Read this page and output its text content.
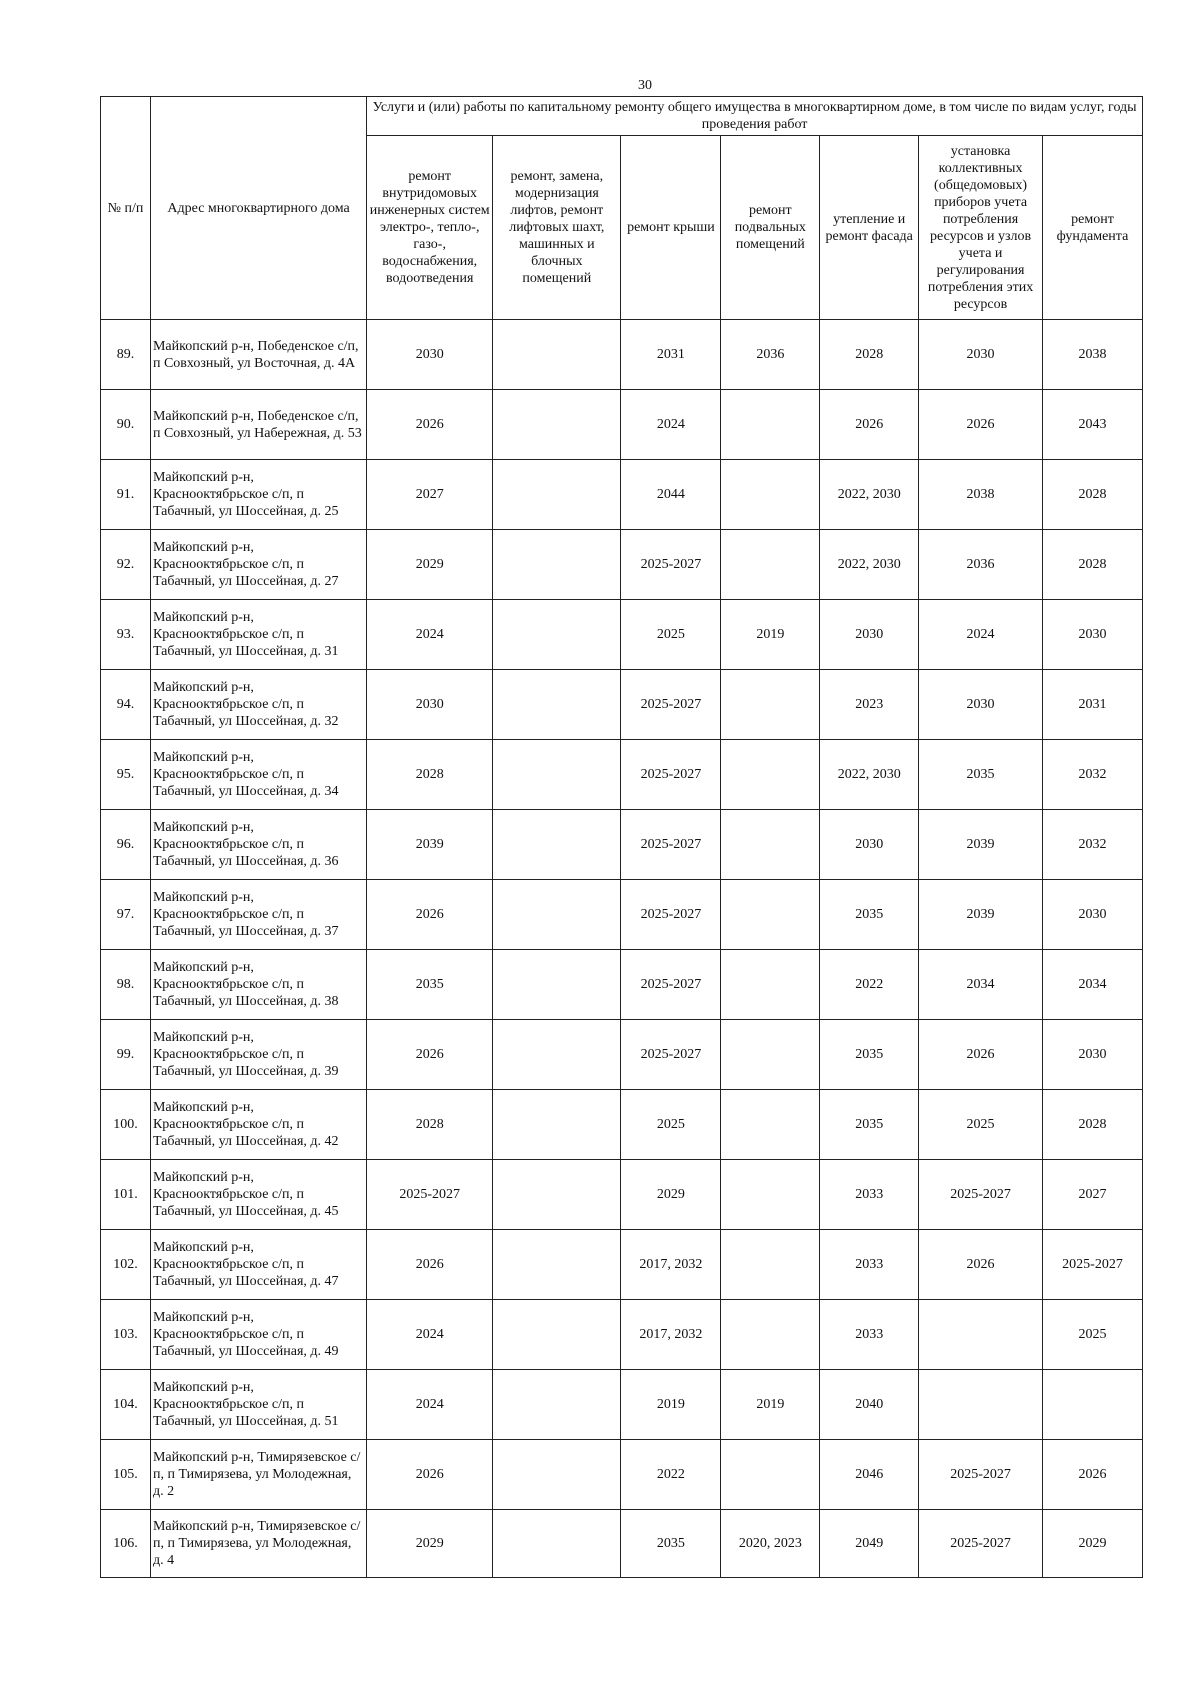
30
№ п/п	Адрес многоквартирного дома	Услуги и (или) работы по капитальному ремонту общего имущества в многоквартирном доме, в том числе по видам услуг, годы проведения работ						
		ремонт внутридомовых инженерных систем электро-, тепло-, газо-, водоснабжения, водоотведения	ремонт, замена, модернизация лифтов, ремонт лифтовых шахт, машинных и блочных помещений	ремонт крыши	ремонт подвальных помещений	утепление и ремонт фасада	установка коллективных (общедомовых) приборов учета потребления ресурсов и узлов учета и регулирования потребления этих ресурсов	ремонт фундамента
89.	Майкопский р-н, Победенское с/п, п Совхозный, ул Восточная, д. 4А	2030		2031	2036	2028	2030	2038
90.	Майкопский р-н, Победенское с/п, п Совхозный, ул Набережная, д. 53	2026		2024		2026	2026	2043
91.	Майкопский р-н, Краснооктябрьское с/п, п Табачный, ул Шоссейная, д. 25	2027		2044		2022, 2030	2038	2028
92.	Майкопский р-н, Краснооктябрьское с/п, п Табачный, ул Шоссейная, д. 27	2029		2025-2027		2022, 2030	2036	2028
93.	Майкопский р-н, Краснооктябрьское с/п, п Табачный, ул Шоссейная, д. 31	2024		2025	2019	2030	2024	2030
94.	Майкопский р-н, Краснооктябрьское с/п, п Табачный, ул Шоссейная, д. 32	2030		2025-2027		2023	2030	2031
95.	Майкопский р-н, Краснооктябрьское с/п, п Табачный, ул Шоссейная, д. 34	2028		2025-2027		2022, 2030	2035	2032
96.	Майкопский р-н, Краснооктябрьское с/п, п Табачный, ул Шоссейная, д. 36	2039		2025-2027		2030	2039	2032
97.	Майкопский р-н, Краснооктябрьское с/п, п Табачный, ул Шоссейная, д. 37	2026		2025-2027		2035	2039	2030
98.	Майкопский р-н, Краснооктябрьское с/п, п Табачный, ул Шоссейная, д. 38	2035		2025-2027		2022	2034	2034
99.	Майкопский р-н, Краснооктябрьское с/п, п Табачный, ул Шоссейная, д. 39	2026		2025-2027		2035	2026	2030
100.	Майкопский р-н, Краснооктябрьское с/п, п Табачный, ул Шоссейная, д. 42	2028		2025		2035	2025	2028
101.	Майкопский р-н, Краснооктябрьское с/п, п Табачный, ул Шоссейная, д. 45	2025-2027		2029		2033	2025-2027	2027
102.	Майкопский р-н, Краснооктябрьское с/п, п Табачный, ул Шоссейная, д. 47	2026		2017, 2032		2033	2026	2025-2027
103.	Майкопский р-н, Краснооктябрьское с/п, п Табачный, ул Шоссейная, д. 49	2024		2017, 2032		2033		2025
104.	Майкопский р-н, Краснооктябрьское с/п, п Табачный, ул Шоссейная, д. 51	2024		2019	2019	2040		
105.	Майкопский р-н, Тимирязевское с/п, п Тимирязева, ул Молодежная, д. 2	2026		2022		2046	2025-2027	2026
106.	Майкопский р-н, Тимирязевское с/п, п Тимирязева, ул Молодежная, д. 4	2029		2035	2020, 2023	2049	2025-2027	2029
